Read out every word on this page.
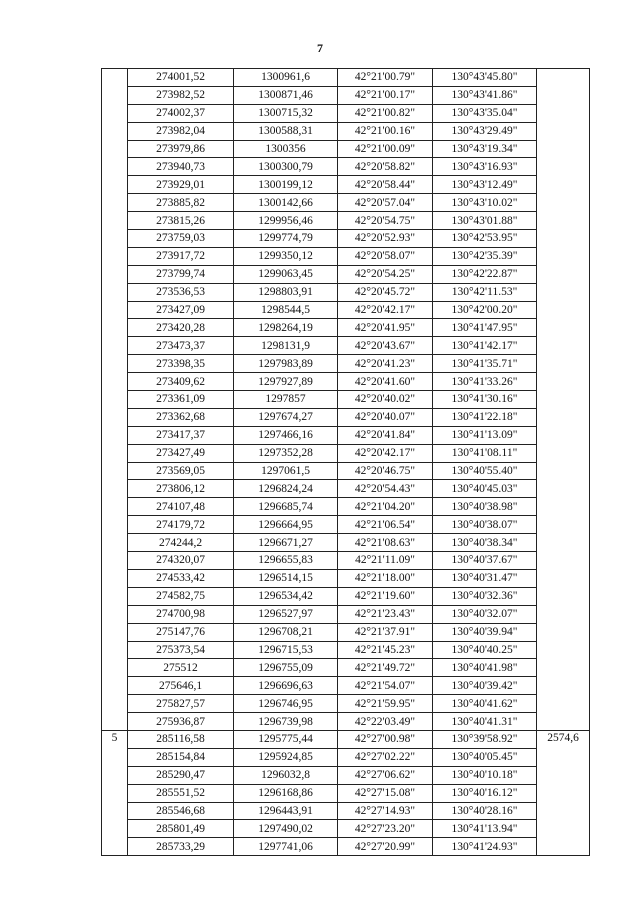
7
	274001,52	1300961,6	42°21'00.79"	130°43'45.80"	
	273982,52	1300871,46	42°21'00.17"	130°43'41.86"	
	274002,37	1300715,32	42°21'00.82"	130°43'35.04"	
	273982,04	1300588,31	42°21'00.16"	130°43'29.49"	
	273979,86	1300356	42°21'00.09"	130°43'19.34"	
	273940,73	1300300,79	42°20'58.82"	130°43'16.93"	
	273929,01	1300199,12	42°20'58.44"	130°43'12.49"	
	273885,82	1300142,66	42°20'57.04"	130°43'10.02"	
	273815,26	1299956,46	42°20'54.75"	130°43'01.88"	
	273759,03	1299774,79	42°20'52.93"	130°42'53.95"	
	273917,72	1299350,12	42°20'58.07"	130°42'35.39"	
	273799,74	1299063,45	42°20'54.25"	130°42'22.87"	
	273536,53	1298803,91	42°20'45.72"	130°42'11.53"	
	273427,09	1298544,5	42°20'42.17"	130°42'00.20"	
	273420,28	1298264,19	42°20'41.95"	130°41'47.95"	
	273473,37	1298131,9	42°20'43.67"	130°41'42.17"	
	273398,35	1297983,89	42°20'41.23"	130°41'35.71"	
	273409,62	1297927,89	42°20'41.60"	130°41'33.26"	
	273361,09	1297857	42°20'40.02"	130°41'30.16"	
	273362,68	1297674,27	42°20'40.07"	130°41'22.18"	
	273417,37	1297466,16	42°20'41.84"	130°41'13.09"	
	273427,49	1297352,28	42°20'42.17"	130°41'08.11"	
	273569,05	1297061,5	42°20'46.75"	130°40'55.40"	
	273806,12	1296824,24	42°20'54.43"	130°40'45.03"	
	274107,48	1296685,74	42°21'04.20"	130°40'38.98"	
	274179,72	1296664,95	42°21'06.54"	130°40'38.07"	
	274244,2	1296671,27	42°21'08.63"	130°40'38.34"	
	274320,07	1296655,83	42°21'11.09"	130°40'37.67"	
	274533,42	1296514,15	42°21'18.00"	130°40'31.47"	
	274582,75	1296534,42	42°21'19.60"	130°40'32.36"	
	274700,98	1296527,97	42°21'23.43"	130°40'32.07"	
	275147,76	1296708,21	42°21'37.91"	130°40'39.94"	
	275373,54	1296715,53	42°21'45.23"	130°40'40.25"	
	275512	1296755,09	42°21'49.72"	130°40'41.98"	
	275646,1	1296696,63	42°21'54.07"	130°40'39.42"	
	275827,57	1296746,95	42°21'59.95"	130°40'41.62"	
	275936,87	1296739,98	42°22'03.49"	130°40'41.31"	
5	285116,58	1295775,44	42°27'00.98"	130°39'58.92"	2574,6
	285154,84	1295924,85	42°27'02.22"	130°40'05.45"	
	285290,47	1296032,8	42°27'06.62"	130°40'10.18"	
	285551,52	1296168,86	42°27'15.08"	130°40'16.12"	
	285546,68	1296443,91	42°27'14.93"	130°40'28.16"	
	285801,49	1297490,02	42°27'23.20"	130°41'13.94"	
	285733,29	1297741,06	42°27'20.99"	130°41'24.93"	
